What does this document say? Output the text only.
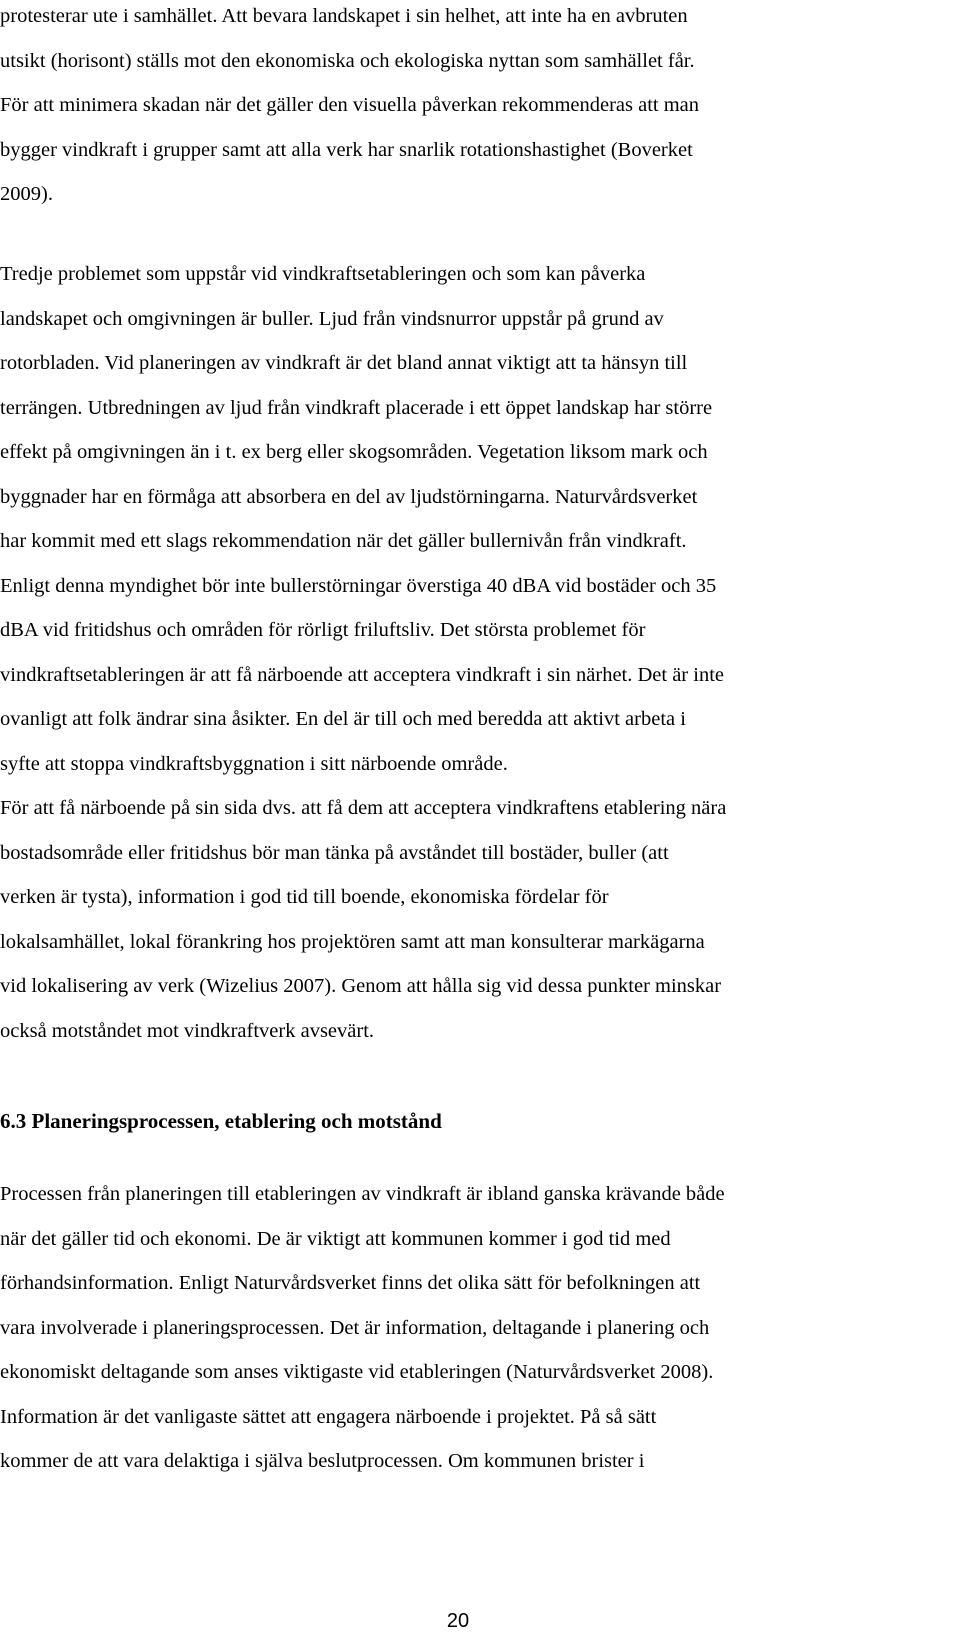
protesterar ute i samhället. Att bevara landskapet i sin helhet, att inte ha en avbruten
utsikt (horisont) ställs mot den ekonomiska och ekologiska nyttan som samhället får.
För att minimera skadan när det gäller den visuella påverkan rekommenderas att man
bygger vindkraft i grupper samt att alla verk har snarlik rotationshastighet (Boverket
2009).
Tredje problemet som uppstår vid vindkraftsetableringen och som kan påverka
landskapet och omgivningen är buller. Ljud från vindsnurror uppstår på grund av
rotorbladen. Vid planeringen av vindkraft är det bland annat viktigt att ta hänsyn till
terrängen. Utbredningen av ljud från vindkraft placerade i ett öppet landskap har större
effekt på omgivningen än i t. ex berg eller skogsområden. Vegetation liksom mark och
byggnader har en förmåga att absorbera en del av ljudstörningarna. Naturvårdsverket
har kommit med ett slags rekommendation när det gäller bullernivån från vindkraft.
Enligt denna myndighet bör inte bullerstörningar överstiga 40 dBA vid bostäder och 35
dBA vid fritidshus och områden för rörligt friluftsliv. Det största problemet för
vindkraftsetableringen är att få närboende att acceptera vindkraft i sin närhet. Det är inte
ovanligt att folk ändrar sina åsikter. En del är till och med beredda att aktivt arbeta i
syfte att stoppa vindkraftsbyggnation i sitt närboende område.
För att få närboende på sin sida dvs. att få dem att acceptera vindkraftens etablering nära
bostadsområde eller fritidshus bör man tänka på avståndet till bostäder, buller (att
verken är tysta), information i god tid till boende, ekonomiska fördelar för
lokalsamhället, lokal förankring hos projektören samt att man konsulterar markägarna
vid lokalisering av verk (Wizelius 2007). Genom att hålla sig vid dessa punkter minskar
också motståndet mot vindkraftverk avsevärt.
6.3 Planeringsprocessen, etablering och motstånd
Processen från planeringen till etableringen av vindkraft är ibland ganska krävande både
när det gäller tid och ekonomi. De är viktigt att kommunen kommer i god tid med
förhandsinformation. Enligt Naturvårdsverket finns det olika sätt för befolkningen att
vara involverade i planeringsprocessen. Det är information, deltagande i planering och
ekonomiskt deltagande som anses viktigaste vid etableringen (Naturvårdsverket 2008).
Information är det vanligaste sättet att engagera närboende i projektet. På så sätt
kommer de att vara delaktiga i själva beslutprocessen. Om kommunen brister i
20
